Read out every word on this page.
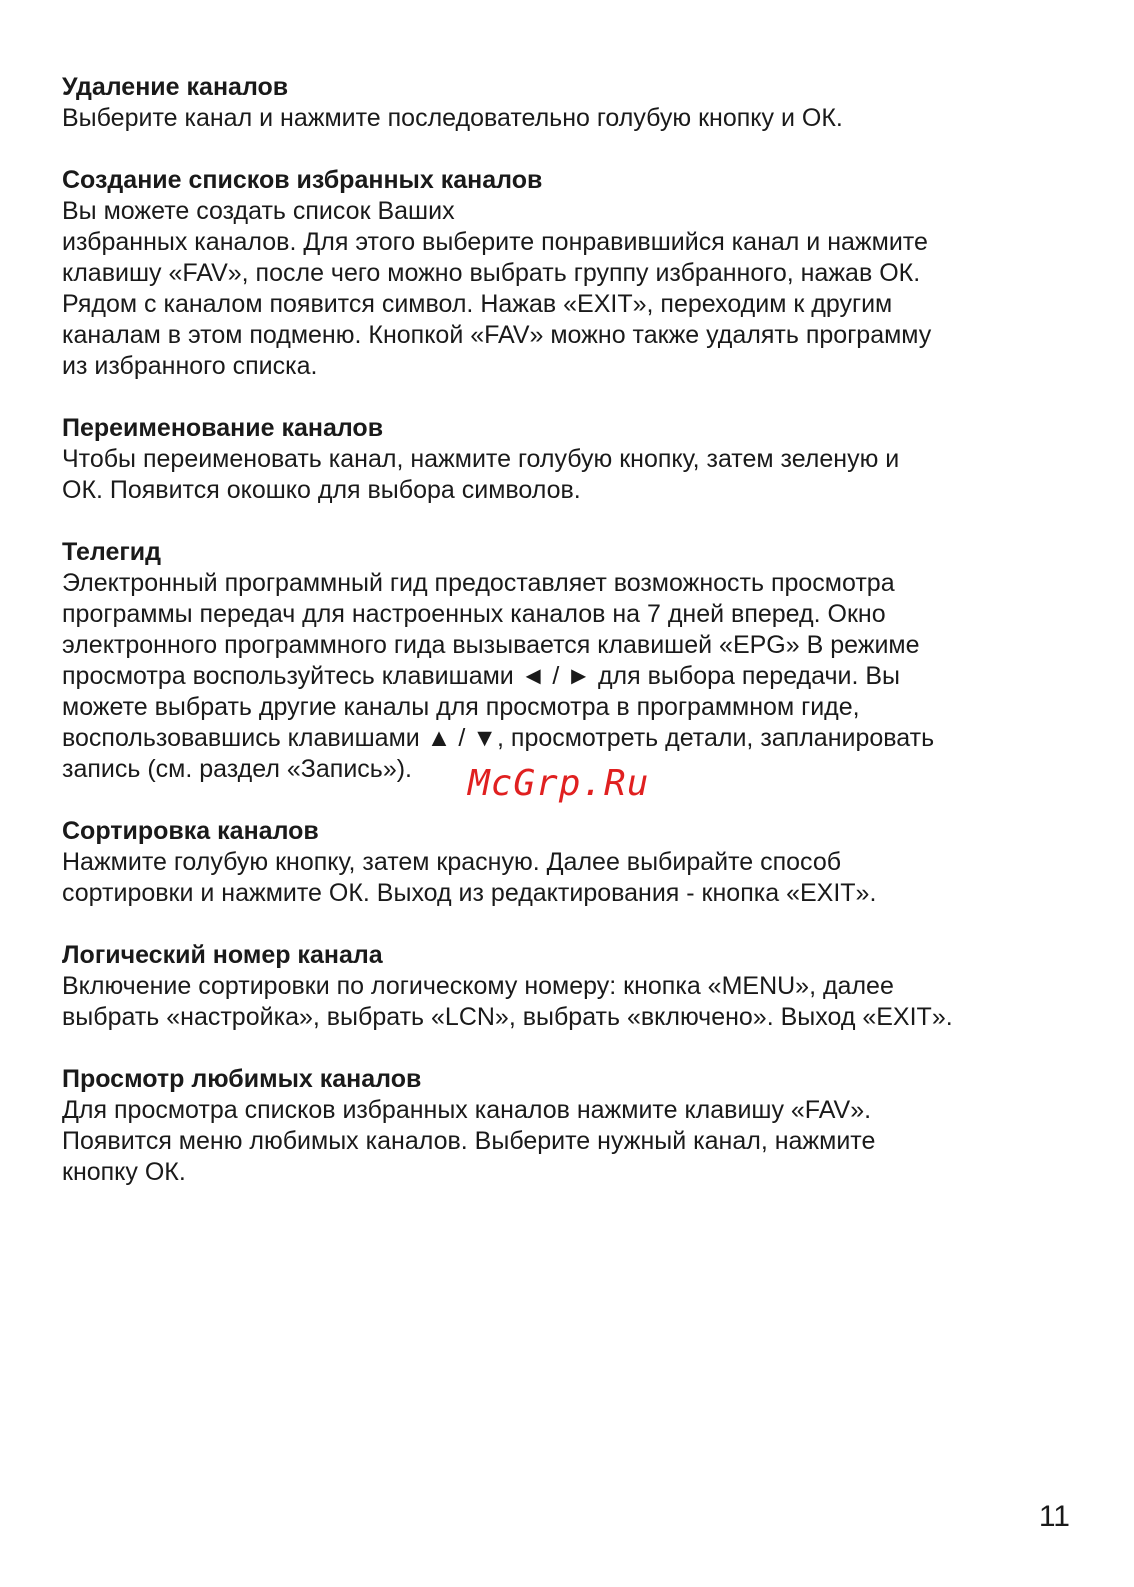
Удаление каналов

Выберите канал и нажмите последовательно голубую кнопку и ОК.

Создание списков избранных каналов

Вы можете создать список Ваших

избранных каналов. Для этого выберите понравившийся канал и нажмите

клавишу «FAV», после чего можно выбрать группу избранного, нажав ОК.

Рядом с каналом появится символ. Нажав «EXIT», переходим к другим

каналам в этом подменю. Кнопкой «FAV» можно также удалять программу

из избранного списка.

Переименование каналов

Чтобы переименовать канал, нажмите голубую кнопку, затем зеленую и

ОК. Появится окошко для выбора символов.

Телегид

Электронный программный гид предоставляет возможность просмотра

программы передач для настроенных каналов на 7 дней вперед. Окно

электронного программного гида вызывается клавишей «EPG» В режиме

просмотра воспользуйтесь клавишами ◄ / ► для выбора передачи. Вы

можете выбрать другие каналы для просмотра в программном гиде,

воспользовавшись клавишами ▲ / ▼, просмотреть детали, запланировать

запись (см. раздел «Запись»).

Сортировка каналов

Нажмите голубую кнопку, затем красную. Далее выбирайте способ

сортировки и нажмите ОК. Выход из редактирования - кнопка «EXIT».

Логический номер канала

Включение сортировки по логическому номеру: кнопка «MENU», далее

выбрать «настройка», выбрать «LCN», выбрать «включено». Выход «EXIT».

Просмотр любимых каналов

Для просмотра списков избранных каналов нажмите клавишу «FAV».

Появится меню любимых каналов. Выберите нужный канал, нажмите

кнопку ОК.

McGrp.Ru
11
